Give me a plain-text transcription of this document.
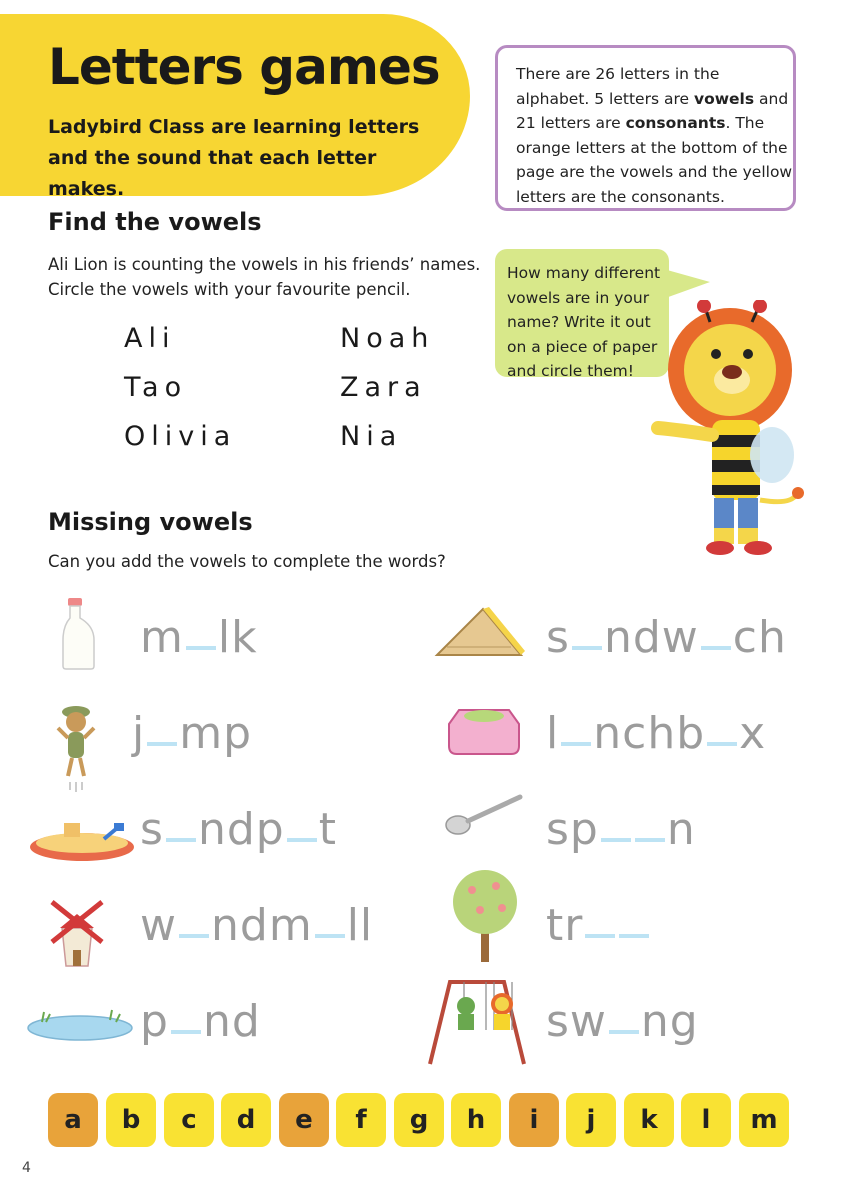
Letters games

Ladybird Class are learning letters and the sound that each letter makes.

There are 26 letters in the alphabet. 5 letters are vowels and 21 letters are consonants. The orange letters at the bottom of the page are the vowels and the yellow letters are the consonants.
Find the vowels

Ali Lion is counting the vowels in his friends’ names.

Circle the vowels with your favourite pencil.

Ali	Noah
Tao	Zara
Olivia	Nia
How many different vowels are in your name? Write it out on a piece of paper and circle them!
Missing vowels

Can you add the vowels to complete the words?

m lk	s ndw ch
j mp	l nchb x
s ndp t	sp n
w ndm ll	tr
p nd	sw ng
a	b	c	d	e	f	g	h	i	j	k	l	m
4
